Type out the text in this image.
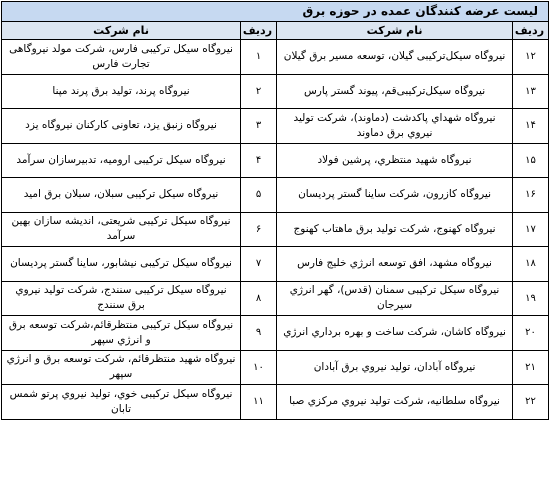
لیست عرضه کنندگان عمده در حوزه برق			
ردیف	نام شرکت	ردیف	نام شرکت
۱۲	نیروگاه سیکل‌ترکیبی گیلان، توسعه مسیر برق گیلان	۱	نیروگاه سیکل ترکیبی فارس، شرکت مولد نیروگاهی تجارت فارس
۱۳	نیروگاه سیکل‌ترکیبی‌قم، پیوند گستر پارس	۲	نیروگاه پرند، تولید برق پرند مپنا
۱۴	نیروگاه شهداي پاکدشت (دماوند)، شرکت تولید نیروي برق دماوند	۳	نیروگاه زنبق یزد، تعاونی کارکنان نیروگاه یزد
۱۵	نیروگاه شهید منتظري، پرشین فولاد	۴	نیروگاه سیکل ترکیبی ارومیه، تدبیرسازان سرآمد
۱۶	نیروگاه کازرون، شرکت ساینا گستر پردیسان	۵	نیروگاه سیکل ترکیبی سبلان، سبلان برق امید
۱۷	نیروگاه کهنوج، شرکت تولید برق ماهتاب کهنوج	۶	نیروگاه سیکل ترکیبی شریعتی، اندیشه سازان بهین سرآمد
۱۸	نیروگاه مشهد، افق توسعه انرژي خلیج فارس	۷	نیروگاه سیکل ترکیبی نیشابور، ساینا گستر پردیسان
۱۹	نیروگاه سیکل ترکیبی سمنان (قدس)، گهر انرژي سیرجان	۸	نیروگاه سیکل ترکیبی سنندج، شرکت تولید نیروي برق سنندج
۲۰	نیروگاه کاشان، شرکت ساخت و بهره برداري انرژي	۹	نیروگاه سیکل ترکیبی منتظرقائم،شرکت توسعه برق و انرژي سپهر
۲۱	نیروگاه آبادان، تولید نیروي برق آبادان	۱۰	نیروگاه شهید منتظرقائم، شرکت توسعه برق و انرژي سپهر
۲۲	نیروگاه سلطانیه، شرکت تولید نیروي مرکزي صبا	۱۱	نیروگاه سیکل ترکیبی خوي، تولید نیروي پرتو شمس تابان
